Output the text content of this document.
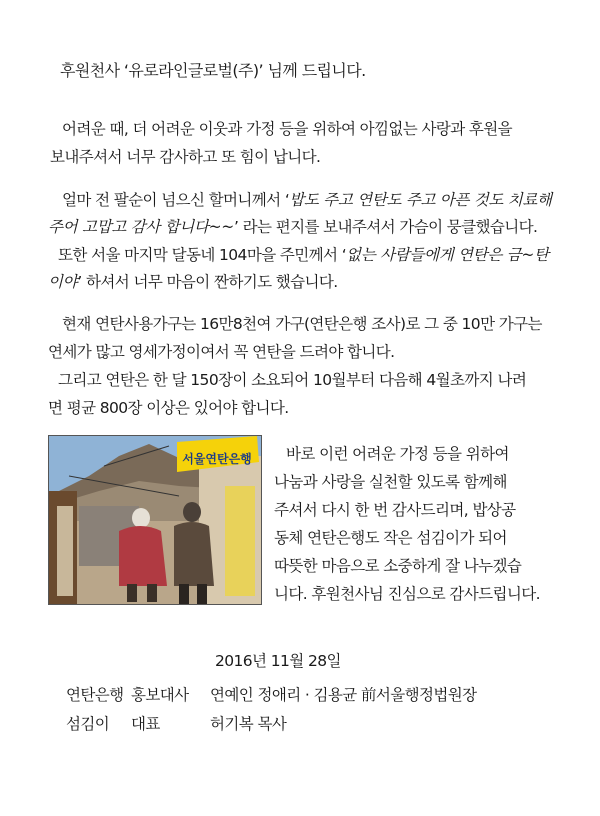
후원천사 ‘유로라인글로벌(주)’ 님께 드립니다.
어려운 때, 더 어려운 이웃과 가정 등을 위하여 아낌없는 사랑과 후원을
보내주셔서 너무 감사하고 또 힘이 납니다.
얼마 전 팔순이 넘으신 할머니께서 ‘밥도 주고 연탄도 주고 아픈 것도 치료해
주어 고맙고 감사 합니다~~’ 라는 편지를 보내주셔서 가슴이 뭉클했습니다.
또한 서울 마지막 달동네 104마을 주민께서 ‘없는 사람들에게 연탄은 금~탄
이야’ 하셔서 너무 마음이 짠하기도 했습니다.
현재 연탄사용가구는 16만8천여 가구(연탄은행 조사)로 그 중 10만 가구는
연세가 많고 영세가정이여서 꼭 연탄을 드려야 합니다.
그리고 연탄은 한 달 150장이 소요되어 10월부터 다음해 4월초까지 나려
면 평균 800장 이상은 있어야 합니다.
서울연탄은행 바로 이런 어려운 가정 등을 위하여
나눔과 사랑을 실천할 있도록 함께해
주셔서 다시 한 번 감사드리며, 밥상공
동체 연탄은행도 작은 섬김이가 되어
따뜻한 마음으로 소중하게 잘 나누겠습
니다. 후원천사님 진심으로 감사드립니다.
2016년 11월 28일
연탄은행 홍보대사 연예인 정애리 · 김용균 前서울행정법원장
섬김이 대표	허기복 목사
